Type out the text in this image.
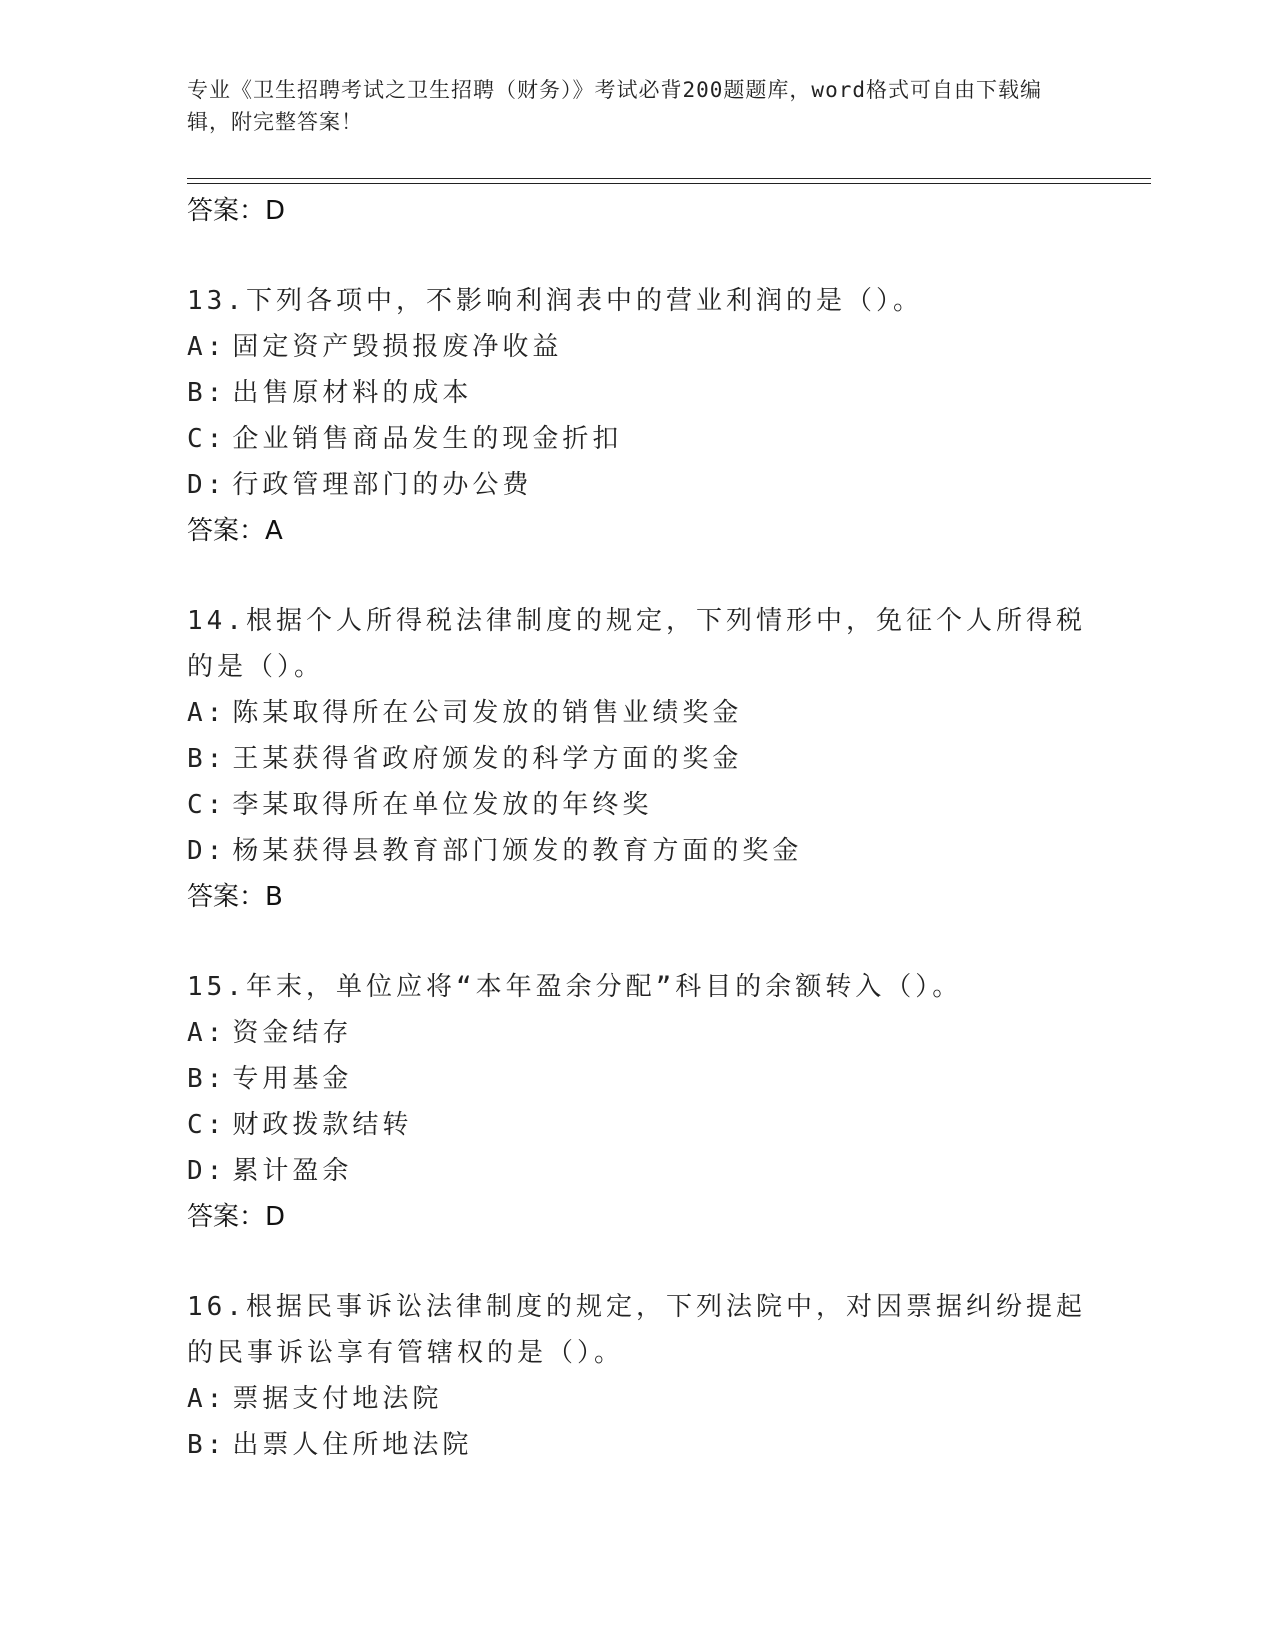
专业《卫生招聘考试之卫生招聘（财务）》考试必背200题题库，word格式可自由下载编辑，附完整答案！

答案：D

13.下列各项中，不影响利润表中的营业利润的是（）。

A: 固定资产毁损报废净收益

B: 出售原材料的成本

C: 企业销售商品发生的现金折扣

D: 行政管理部门的办公费

答案：A

14.根据个人所得税法律制度的规定，下列情形中，免征个人所得税的是（）。

A: 陈某取得所在公司发放的销售业绩奖金

B: 王某获得省政府颁发的科学方面的奖金

C: 李某取得所在单位发放的年终奖

D: 杨某获得县教育部门颁发的教育方面的奖金

答案：B

15.年末，单位应将“本年盈余分配”科目的余额转入（）。

A: 资金结存

B: 专用基金

C: 财政拨款结转

D: 累计盈余

答案：D

16.根据民事诉讼法律制度的规定，下列法院中，对因票据纠纷提起的民事诉讼享有管辖权的是（）。

A: 票据支付地法院

B: 出票人住所地法院
